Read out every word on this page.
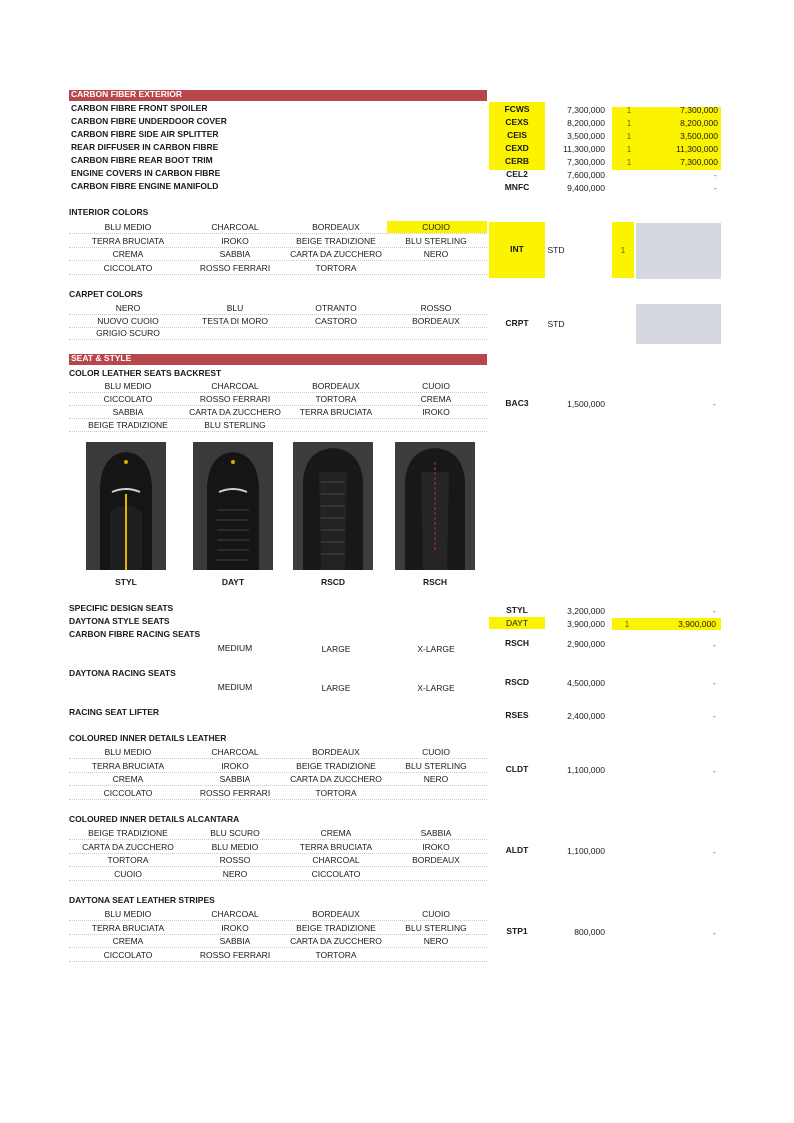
CARBON FIBER EXTERIOR
CARBON FIBRE FRONT SPOILER	FCWS	7,300,000	1	7,300,000
CARBON FIBRE UNDERDOOR COVER	CEXS	8,200,000	1	8,200,000
CARBON FIBRE SIDE AIR SPLITTER	CEIS	3,500,000	1	3,500,000
REAR DIFFUSER IN CARBON FIBRE	CEXD	11,300,000	1	11,300,000
CARBON FIBRE REAR BOOT TRIM	CERB	7,300,000	1	7,300,000
ENGINE COVERS IN CARBON FIBRE	CEL2	7,600,000	-
CARBON FIBRE ENGINE MANIFOLD	MNFC	9,400,000	-
INTERIOR COLORS
BLU MEDIO	CHARCOAL	BORDEAUX	CUOIO
TERRA BRUCIATA	IROKO	BEIGE TRADIZIONE	BLU STERLING
CREMA	SABBIA	CARTA DA ZUCCHERO	NERO
CICCOLATO	ROSSO FERRARI	TORTORA
INT	STD	1
CARPET COLORS
NERO	BLU	OTRANTO	ROSSO
NUOVO CUOIO	TESTA DI MORO	CASTORO	BORDEAUX
GRIGIO SCURO
CRPT	STD
SEAT & STYLE
COLOR LEATHER SEATS BACKREST
BLU MEDIO	CHARCOAL	BORDEAUX	CUOIO
CICCOLATO	ROSSO FERRARI	TORTORA	CREMA
SABBIA	CARTA DA ZUCCHERO	TERRA BRUCIATA	IROKO
BEIGE TRADIZIONE	BLU STERLING
BAC3	1,500,000	-
STYL	DAYT	RSCD	RSCH
SPECIFIC DESIGN SEATS	STYL	3,200,000	-
DAYTONA STYLE SEATS	DAYT	3,900,000	1	3,900,000
CARBON FIBRE RACING SEATS
MEDIUM	LARGE	X-LARGE
RSCH	2,900,000	-
DAYTONA RACING SEATS
MEDIUM	LARGE	X-LARGE
RSCD	4,500,000	-
RACING SEAT LIFTER	RSES	2,400,000	-
COLOURED INNER DETAILS LEATHER
BLU MEDIO	CHARCOAL	BORDEAUX	CUOIO
TERRA BRUCIATA	IROKO	BEIGE TRADIZIONE	BLU STERLING
CREMA	SABBIA	CARTA DA ZUCCHERO	NERO
CICCOLATO	ROSSO FERRARI	TORTORA
CLDT	1,100,000	-
COLOURED INNER DETAILS ALCANTARA
BEIGE TRADIZIONE	BLU SCURO	CREMA	SABBIA
CARTA DA ZUCCHERO	BLU MEDIO	TERRA BRUCIATA	IROKO
TORTORA	ROSSO	CHARCOAL	BORDEAUX
CUOIO	NERO	CICCOLATO
ALDT	1,100,000	-
DAYTONA SEAT LEATHER STRIPES
BLU MEDIO	CHARCOAL	BORDEAUX	CUOIO
TERRA BRUCIATA	IROKO	BEIGE TRADIZIONE	BLU STERLING
CREMA	SABBIA	CARTA DA ZUCCHERO	NERO
CICCOLATO	ROSSO FERRARI	TORTORA
STP1	800,000	-
